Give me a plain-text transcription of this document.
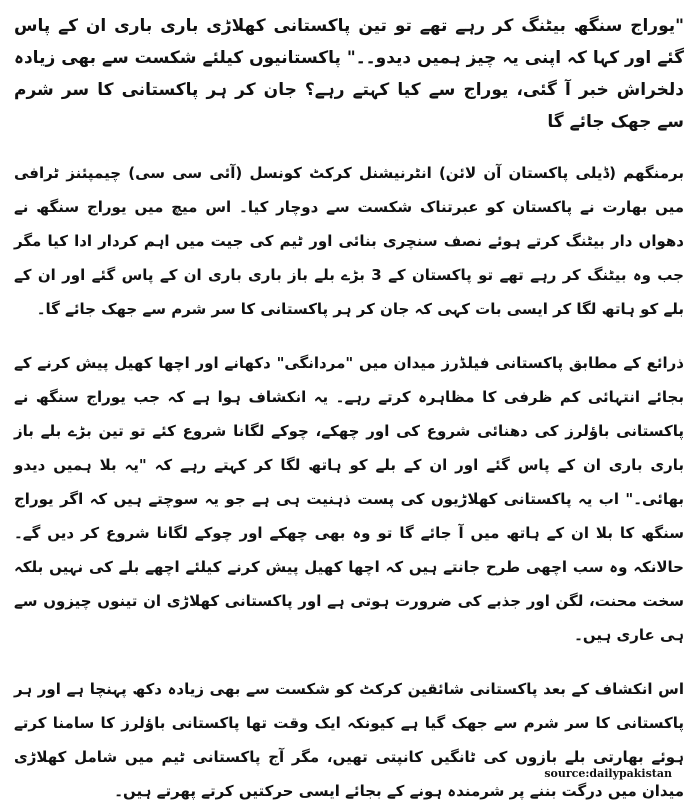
"یوراج سنگھ بیٹنگ کر رہے تھے تو تین پاکستانی کھلاڑی باری باری ان کے پاس گئے اور کہا کہ اپنی یہ چیز ہمیں دیدو۔۔" پاکستانیوں کیلئے شکست سے بھی زیادہ دلخراش خبر آ گئی، یوراج سے کیا کہتے رہے؟ جان کر ہر پاکستانی کا سر شرم سے جھک جائے گا

برمنگھم (ڈیلی پاکستان آن لائن) انٹرنیشنل کرکٹ کونسل (آئی سی سی) چیمپئنز ٹرافی میں بھارت نے پاکستان کو عبرتناک شکست سے دوچار کیا۔ اس میچ میں یوراج سنگھ نے دھواں دار بیٹنگ کرتے ہوئے نصف سنچری بنائی اور ٹیم کی جیت میں اہم کردار ادا کیا مگر جب وہ بیٹنگ کر رہے تھے تو پاکستان کے 3 بڑے بلے باز باری باری ان کے پاس گئے اور ان کے بلے کو ہاتھ لگا کر ایسی بات کہی کہ جان کر ہر پاکستانی کا سر شرم سے جھک جائے گا۔

ذرائع کے مطابق پاکستانی فیلڈرز میدان میں "مردانگی" دکھانے اور اچھا کھیل پیش کرنے کے بجائے انتہائی کم ظرفی کا مظاہرہ کرتے رہے۔ یہ انکشاف ہوا ہے کہ جب یوراج سنگھ نے پاکستانی باؤلرز کی دھنائی شروع کی اور چھکے، چوکے لگانا شروع کئے تو تین بڑے بلے باز باری باری ان کے پاس گئے اور ان کے بلے کو ہاتھ لگا کر کہتے رہے کہ "یہ بلا ہمیں دیدو بھائی۔" اب یہ پاکستانی کھلاڑیوں کی پست ذہنیت ہی ہے جو یہ سوچتے ہیں کہ اگر یوراج سنگھ کا بلا ان کے ہاتھ میں آ جائے گا تو وہ بھی چھکے اور چوکے لگانا شروع کر دیں گے۔ حالانکہ وہ سب اچھی طرح جانتے ہیں کہ اچھا کھیل پیش کرنے کیلئے اچھے بلے کی نہیں بلکہ سخت محنت، لگن اور جذبے کی ضرورت ہوتی ہے اور پاکستانی کھلاڑی ان تینوں چیزوں سے ہی عاری ہیں۔

اس انکشاف کے بعد پاکستانی شائقین کرکٹ کو شکست سے بھی زیادہ دکھ پہنچا ہے اور ہر پاکستانی کا سر شرم سے جھک گیا ہے کیونکہ ایک وقت تھا پاکستانی باؤلرز کا سامنا کرتے ہوئے بھارتی بلے بازوں کی ٹانگیں کانپتی تھیں، مگر آج پاکستانی ٹیم میں شامل کھلاڑی میدان میں درگت بننے پر شرمندہ ہونے کے بجائے ایسی حرکتیں کرتے پھرتے ہیں۔

source:dailypakistan
